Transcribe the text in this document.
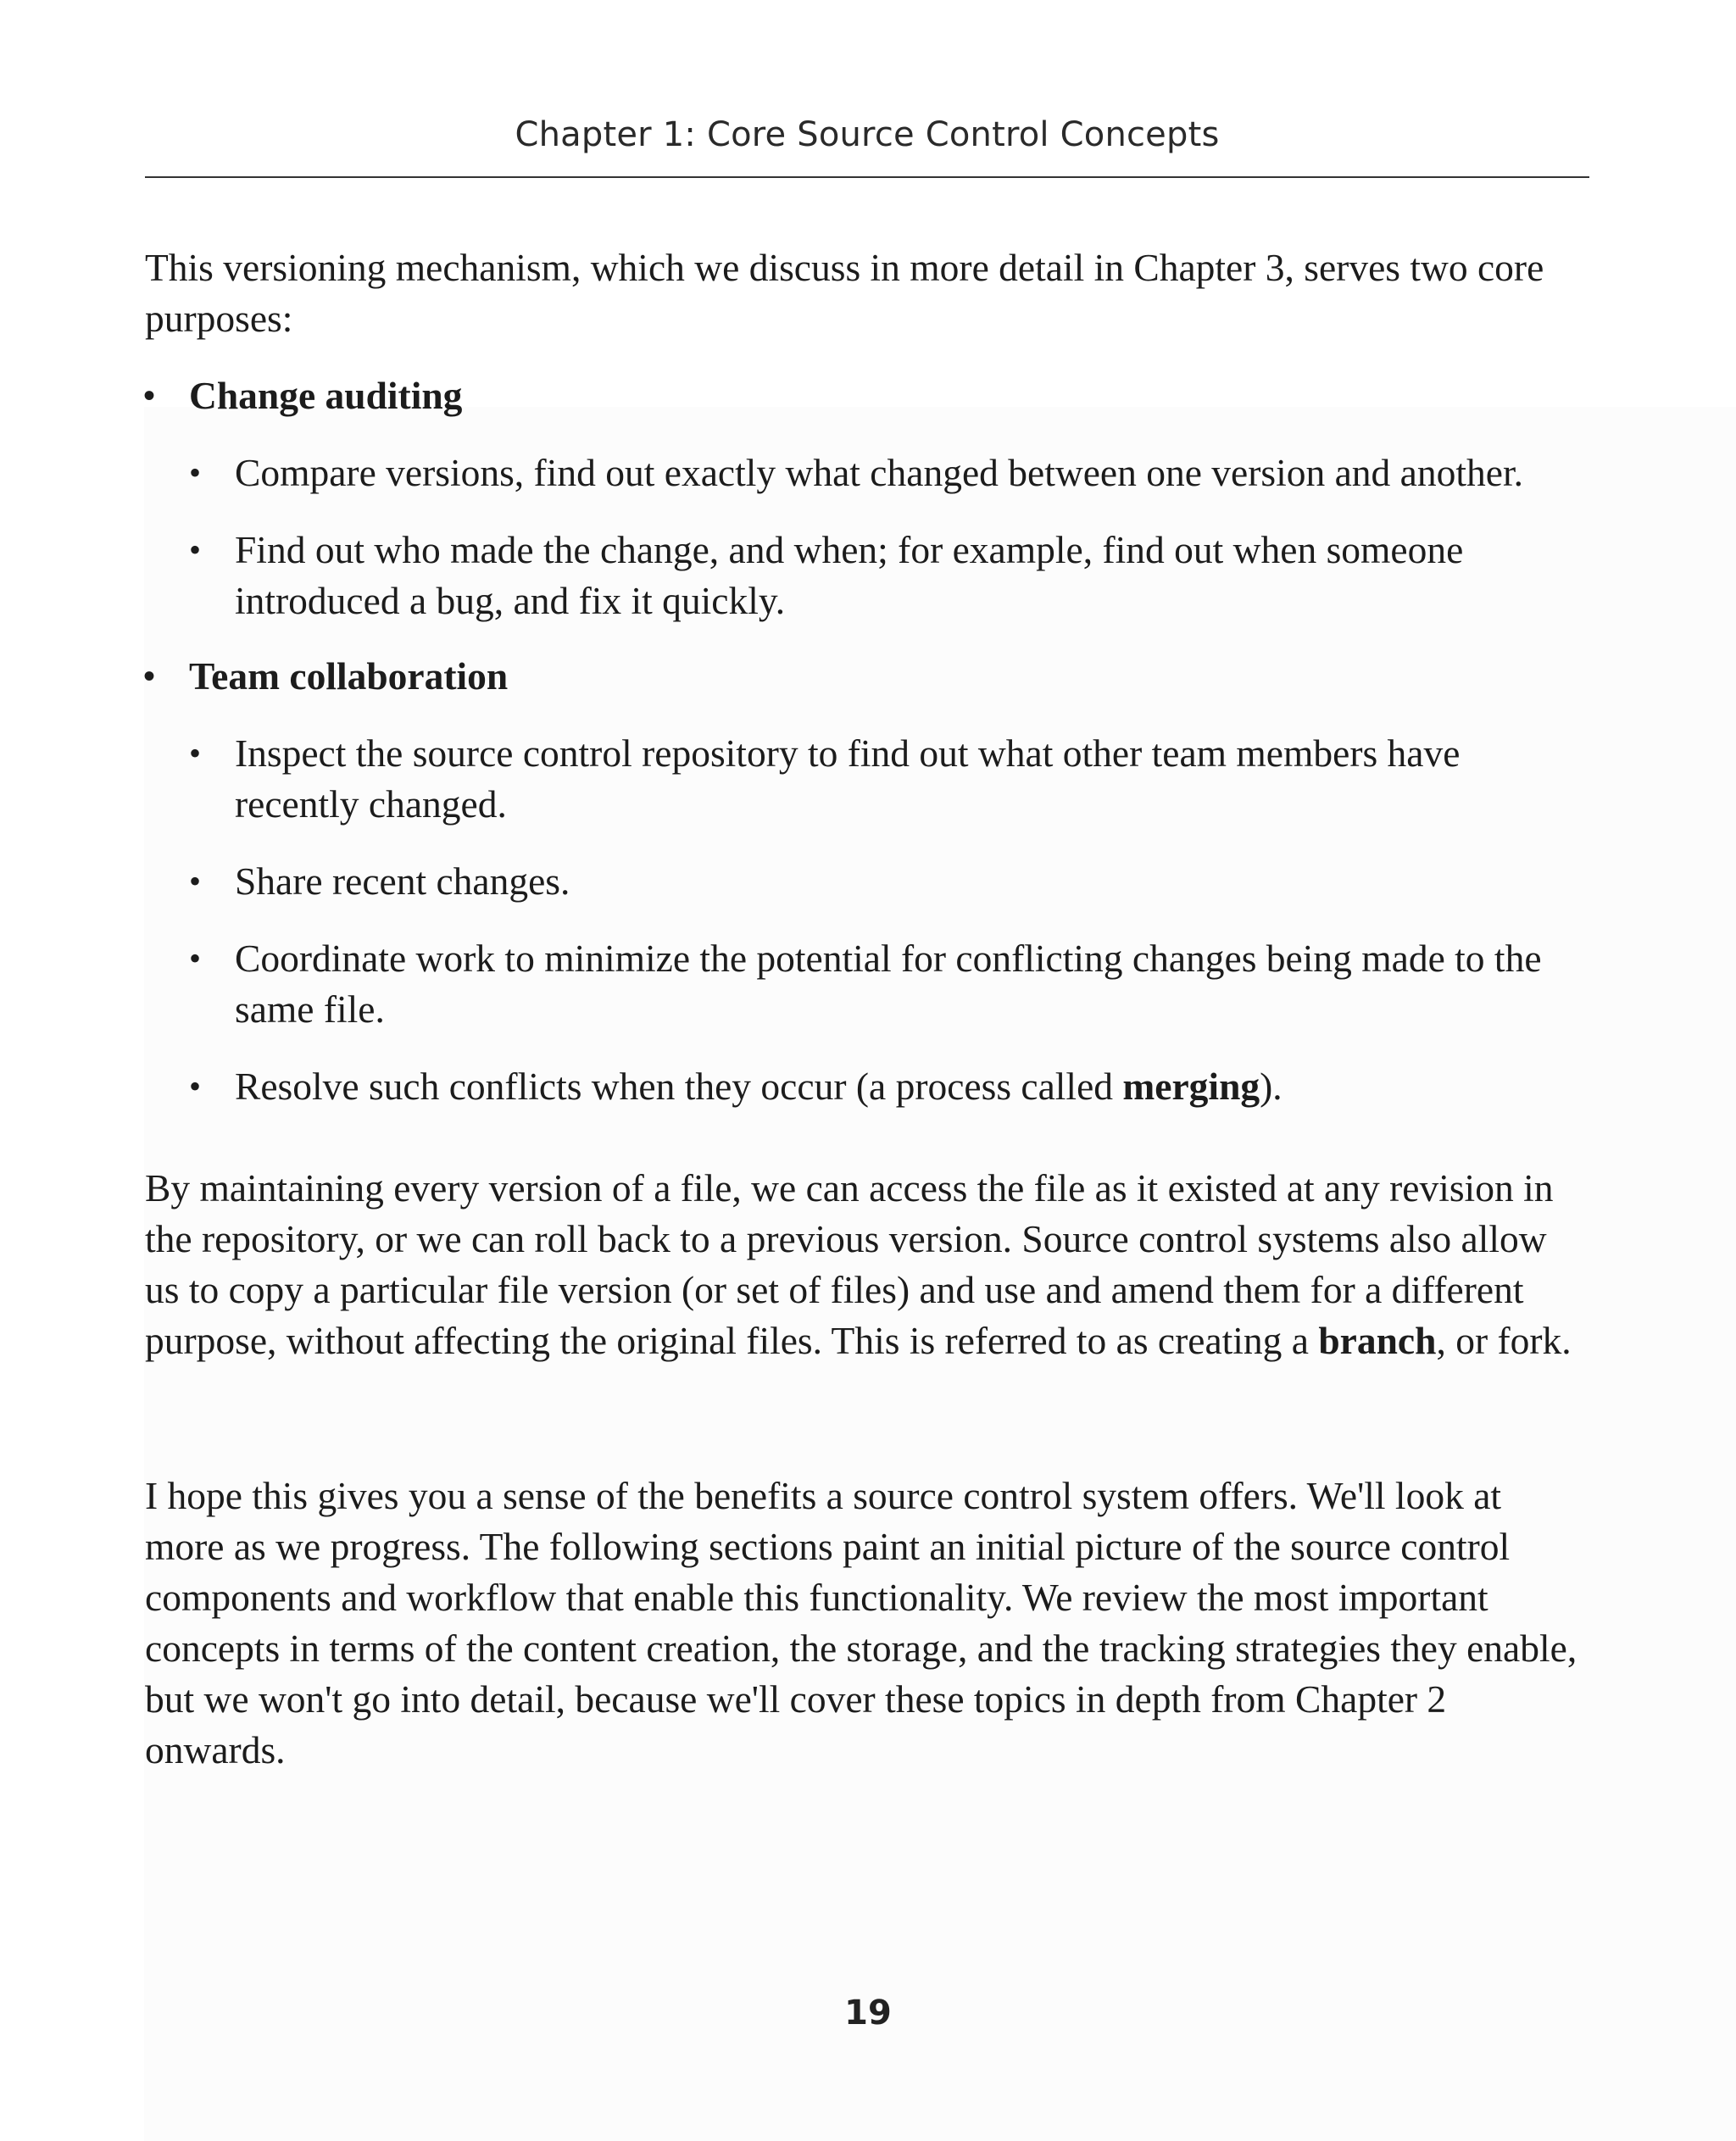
Chapter 1: Core Source Control Concepts

This versioning mechanism, which we discuss in more detail in Chapter 3, serves two core purposes:

• Change auditing
• Compare versions, find out exactly what changed between one version and another.
• Find out who made the change, and when; for example, find out when someone introduced a bug, and fix it quickly.
• Team collaboration
• Inspect the source control repository to find out what other team members have recently changed.
• Share recent changes.
• Coordinate work to minimize the potential for conflicting changes being made to the same file.
• Resolve such conflicts when they occur (a process called merging).

By maintaining every version of a file, we can access the file as it existed at any revision in the repository, or we can roll back to a previous version. Source control systems also allow us to copy a particular file version (or set of files) and use and amend them for a different purpose, without affecting the original files. This is referred to as creating a branch, or fork.

I hope this gives you a sense of the benefits a source control system offers. We'll look at more as we progress. The following sections paint an initial picture of the source control components and workflow that enable this functionality. We review the most important concepts in terms of the content creation, the storage, and the tracking strategies they enable, but we won't go into detail, because we'll cover these topics in depth from Chapter 2 onwards.

19
